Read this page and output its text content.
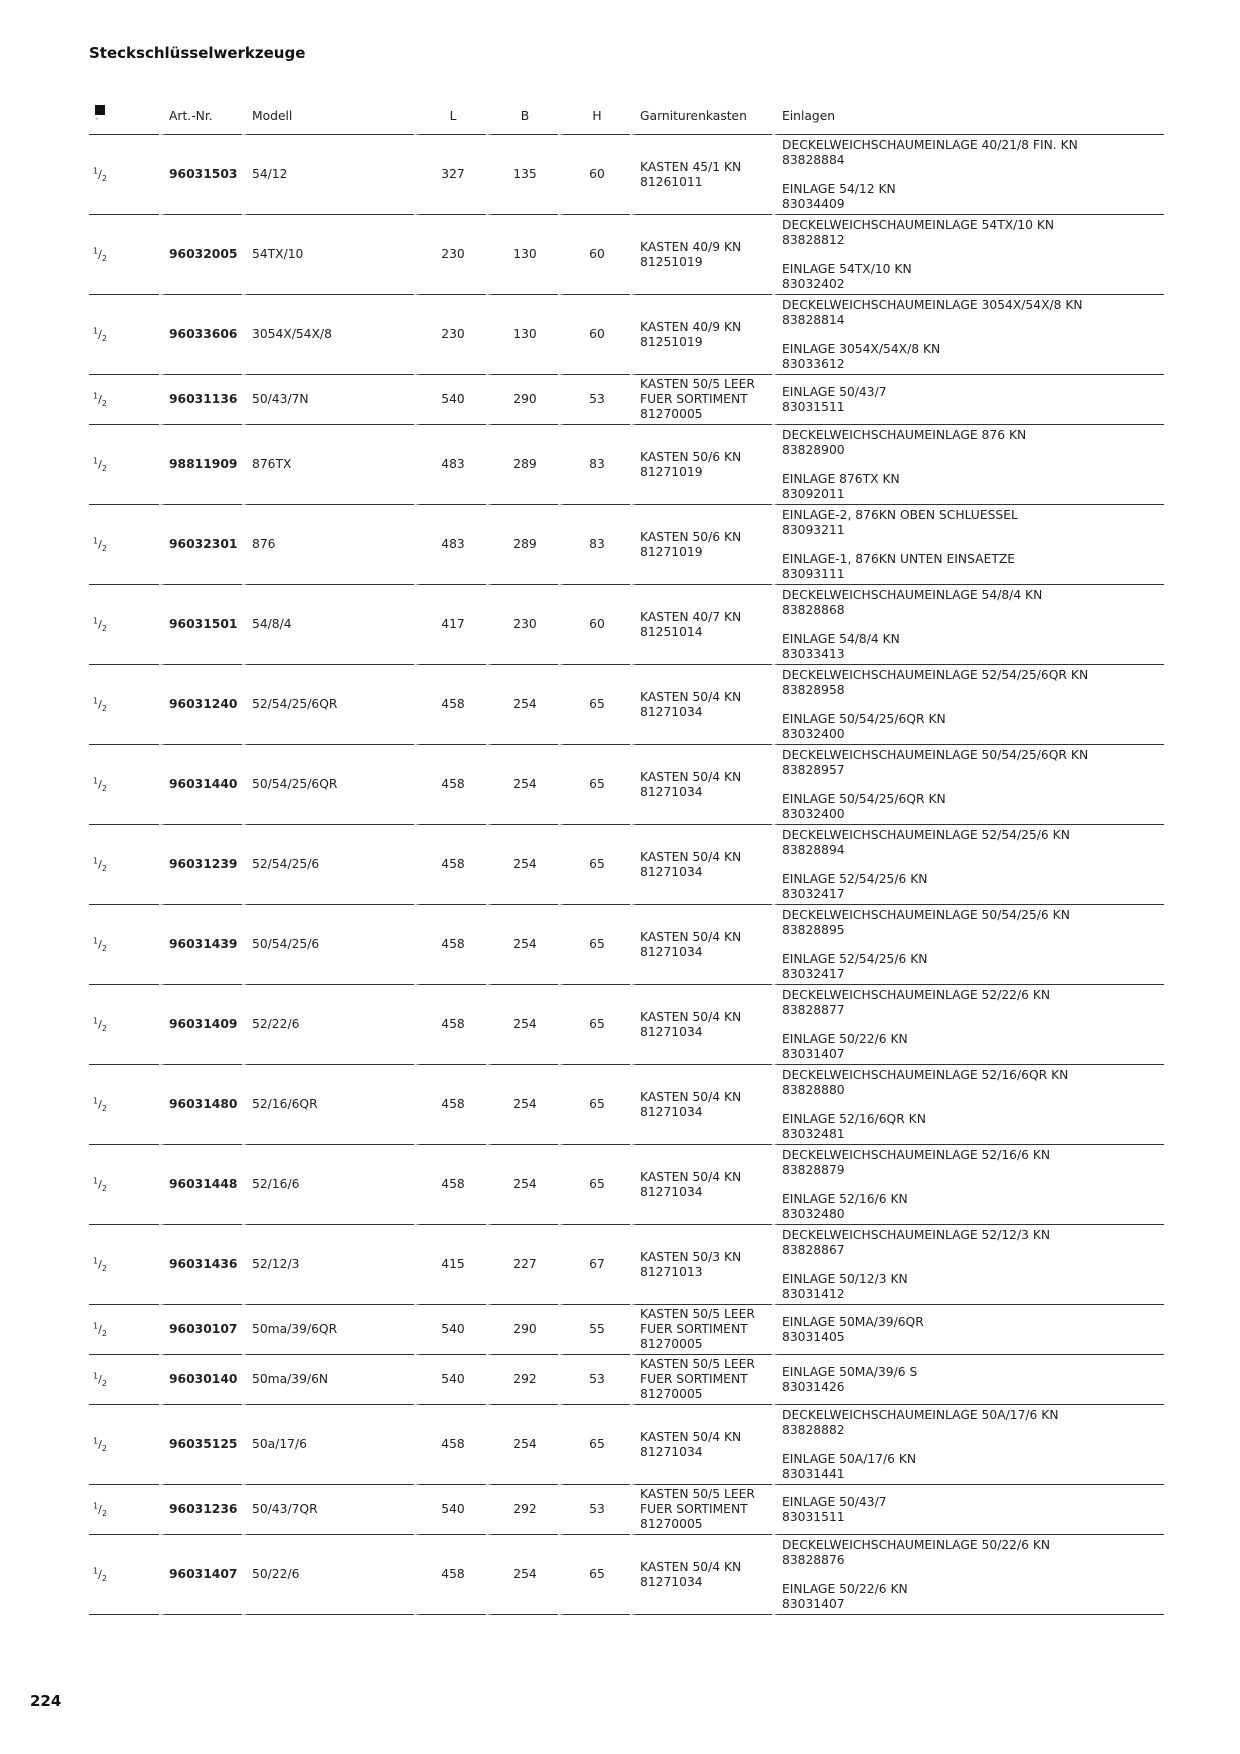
Steckschlüsselwerkzeuge
"	Art.-Nr.	Modell	L	B	H	Garniturenkasten	Einlagen
$^1/_2$	96031503	54/12	327	135	60	KASTEN 45/1 KN
81261011	DECKELWEICHSCHAUMEINLAGE 40/21/8 FIN. KN
83828884
EINLAGE 54/12 KN
83034409

$^1/_2$	96032005	54TX/10	230	130	60	KASTEN 40/9 KN
81251019	DECKELWEICHSCHAUMEINLAGE 54TX/10 KN
83828812
EINLAGE 54TX/10 KN
83032402

$^1/_2$	96033606	3054X/54X/8	230	130	60	KASTEN 40/9 KN
81251019	DECKELWEICHSCHAUMEINLAGE 3054X/54X/8 KN
83828814
EINLAGE 3054X/54X/8 KN
83033612

$^1/_2$	96031136	50/43/7N	540	290	53	KASTEN 50/5 LEER
FUER SORTIMENT
81270005	EINLAGE 50/43/7
83031511

$^1/_2$	98811909	876TX	483	289	83	KASTEN 50/6 KN
81271019	DECKELWEICHSCHAUMEINLAGE 876 KN
83828900
EINLAGE 876TX KN
83092011

$^1/_2$	96032301	876	483	289	83	KASTEN 50/6 KN
81271019	EINLAGE-2, 876KN OBEN SCHLUESSEL
83093211
EINLAGE-1, 876KN UNTEN EINSAETZE
83093111

$^1/_2$	96031501	54/8/4	417	230	60	KASTEN 40/7 KN
81251014	DECKELWEICHSCHAUMEINLAGE 54/8/4 KN
83828868
EINLAGE 54/8/4 KN
83033413

$^1/_2$	96031240	52/54/25/6QR	458	254	65	KASTEN 50/4 KN
81271034	DECKELWEICHSCHAUMEINLAGE 52/54/25/6QR KN
83828958
EINLAGE 50/54/25/6QR KN
83032400

$^1/_2$	96031440	50/54/25/6QR	458	254	65	KASTEN 50/4 KN
81271034	DECKELWEICHSCHAUMEINLAGE 50/54/25/6QR KN
83828957
EINLAGE 50/54/25/6QR KN
83032400

$^1/_2$	96031239	52/54/25/6	458	254	65	KASTEN 50/4 KN
81271034	DECKELWEICHSCHAUMEINLAGE 52/54/25/6 KN
83828894
EINLAGE 52/54/25/6 KN
83032417

$^1/_2$	96031439	50/54/25/6	458	254	65	KASTEN 50/4 KN
81271034	DECKELWEICHSCHAUMEINLAGE 50/54/25/6 KN
83828895
EINLAGE 52/54/25/6 KN
83032417

$^1/_2$	96031409	52/22/6	458	254	65	KASTEN 50/4 KN
81271034	DECKELWEICHSCHAUMEINLAGE 52/22/6 KN
83828877
EINLAGE 50/22/6 KN
83031407

$^1/_2$	96031480	52/16/6QR	458	254	65	KASTEN 50/4 KN
81271034	DECKELWEICHSCHAUMEINLAGE 52/16/6QR KN
83828880
EINLAGE 52/16/6QR KN
83032481

$^1/_2$	96031448	52/16/6	458	254	65	KASTEN 50/4 KN
81271034	DECKELWEICHSCHAUMEINLAGE 52/16/6 KN
83828879
EINLAGE 52/16/6 KN
83032480

$^1/_2$	96031436	52/12/3	415	227	67	KASTEN 50/3 KN
81271013	DECKELWEICHSCHAUMEINLAGE 52/12/3 KN
83828867
EINLAGE 50/12/3 KN
83031412

$^1/_2$	96030107	50ma/39/6QR	540	290	55	KASTEN 50/5 LEER
FUER SORTIMENT
81270005	EINLAGE 50MA/39/6QR
83031405

$^1/_2$	96030140	50ma/39/6N	540	292	53	KASTEN 50/5 LEER
FUER SORTIMENT
81270005	EINLAGE 50MA/39/6 S
83031426

$^1/_2$	96035125	50a/17/6	458	254	65	KASTEN 50/4 KN
81271034	DECKELWEICHSCHAUMEINLAGE 50A/17/6 KN
83828882
EINLAGE 50A/17/6 KN
83031441

$^1/_2$	96031236	50/43/7QR	540	292	53	KASTEN 50/5 LEER
FUER SORTIMENT
81270005	EINLAGE 50/43/7
83031511

$^1/_2$	96031407	50/22/6	458	254	65	KASTEN 50/4 KN
81271034	DECKELWEICHSCHAUMEINLAGE 50/22/6 KN
83828876
EINLAGE 50/22/6 KN
83031407
224
